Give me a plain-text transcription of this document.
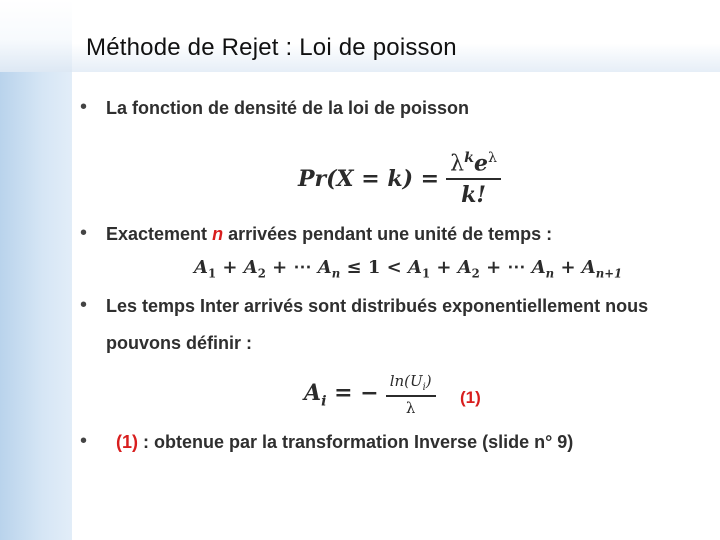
Méthode de Rejet : Loi de poisson
• La fonction de densité de la loi de poisson
$Pr(X = k) = \frac{\lambda^ke^\lambda}{k!}$
• Exactement n arrivées pendant une unité de temps :
$A_1 + A_2$ + ⋯ $A_n \le 1 < A_1 + A_2$ + ⋯ $A_n + A_{n+1}$
• Les temps Inter arrivés sont distribués exponentiellement nous
pouvons définir :
$A_i$ = − $\frac{\ln(U_i)}{\lambda} (1)$
• (1) : obtenue par la transformation Inverse (slide n° 9)
